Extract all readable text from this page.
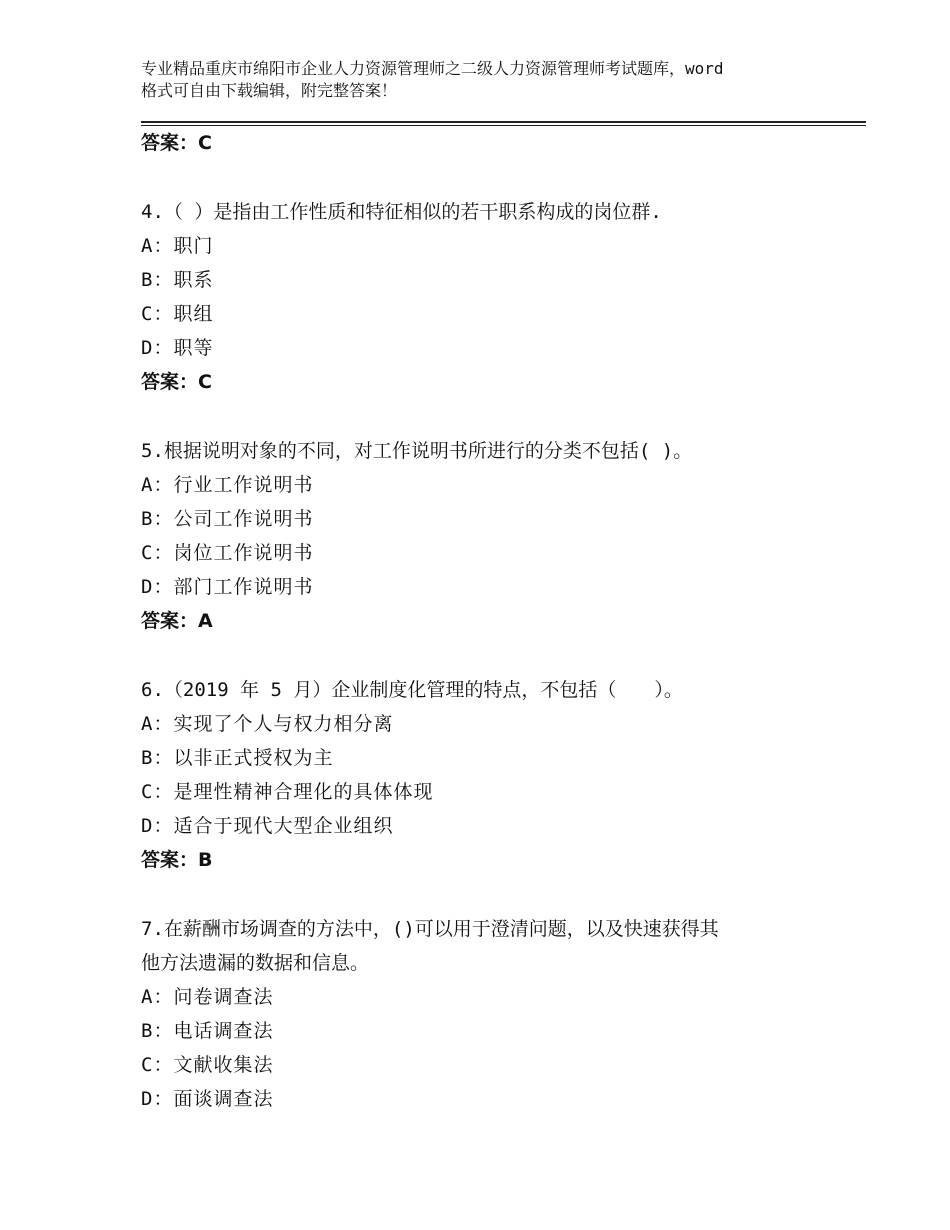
专业精品重庆市绵阳市企业人力资源管理师之二级人力资源管理师考试题库，word
格式可自由下载编辑，附完整答案！
答案：C
4.（ ）是指由工作性质和特征相似的若干职系构成的岗位群.
A：职门
B：职系
C：职组
D：职等
答案：C
5.根据说明对象的不同，对工作说明书所进行的分类不包括( )。
A：行业工作说明书
B：公司工作说明书
C：岗位工作说明书
D：部门工作说明书
答案：A
6.（2019 年 5 月）企业制度化管理的特点，不包括（　　）。
A：实现了个人与权力相分离
B：以非正式授权为主
C：是理性精神合理化的具体体现
D：适合于现代大型企业组织
答案：B
7.在薪酬市场调查的方法中，()可以用于澄清问题，以及快速获得其
他方法遗漏的数据和信息。
A：问卷调查法
B：电话调查法
C：文献收集法
D：面谈调查法
